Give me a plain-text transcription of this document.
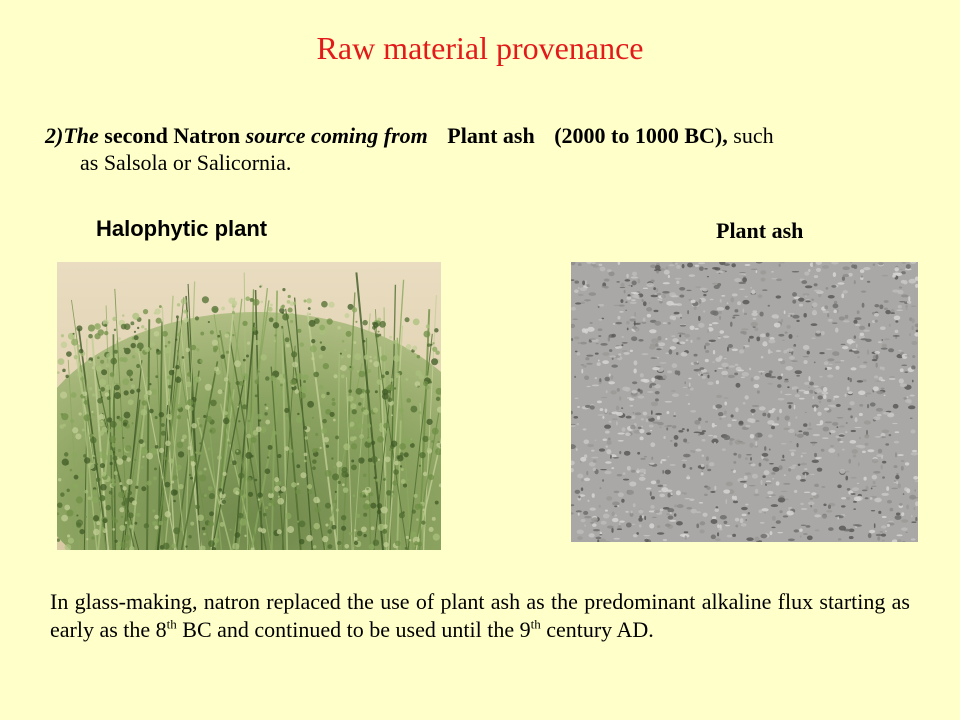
Raw material provenance
2)The second Natron source coming from Plant ash (2000 to 1000 BC), such
as Salsola or Salicornia.
Halophytic plant	Plant ash
In glass-making, natron replaced the use of plant ash as the predominant alkaline flux starting as early as the 8th BC and continued to be used until the 9th century AD.
